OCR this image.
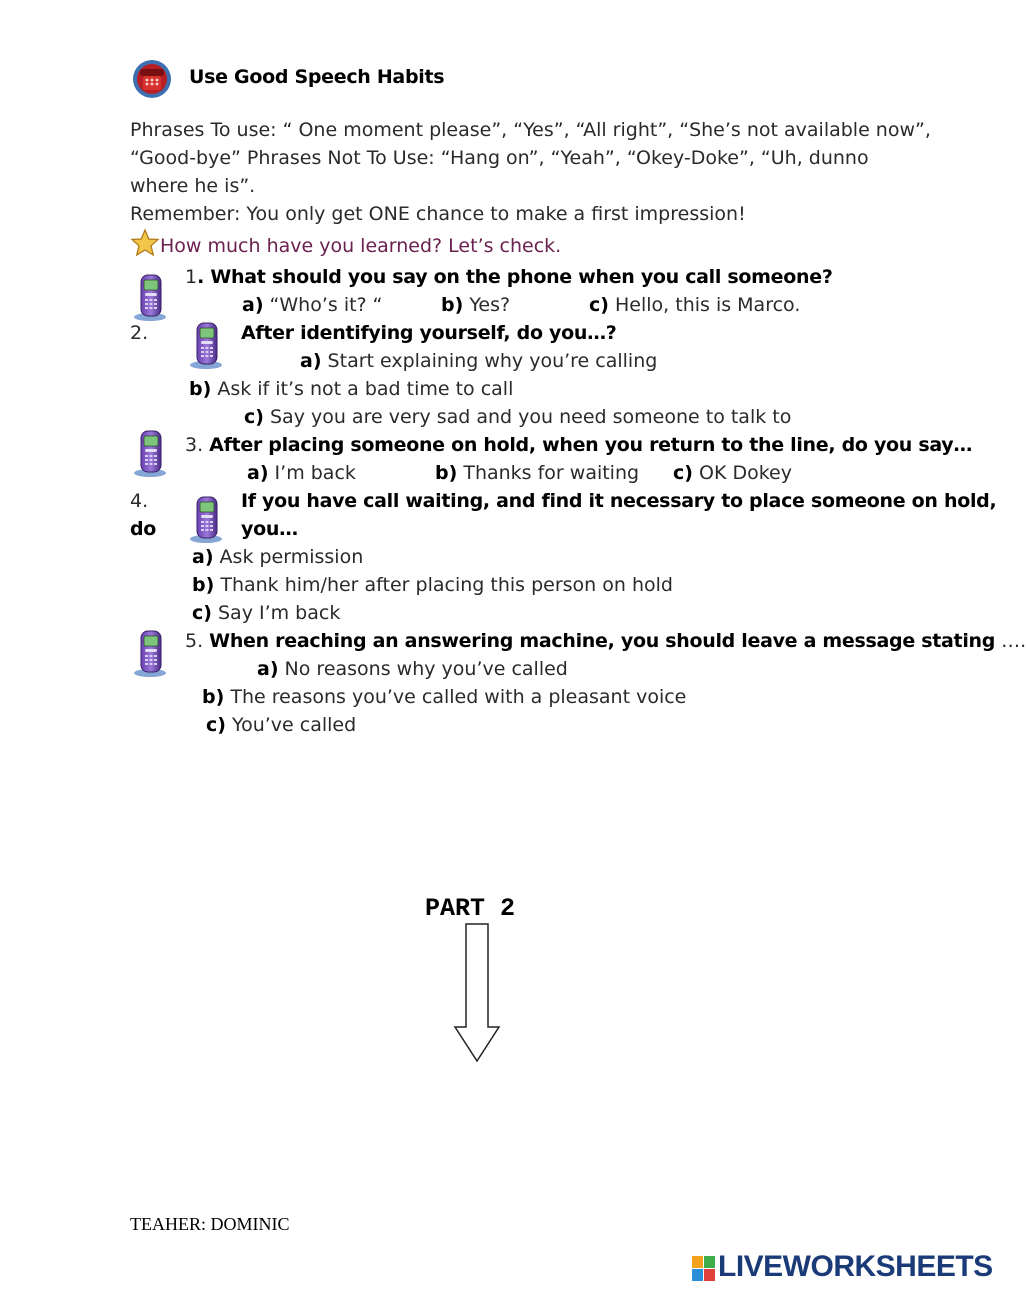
Use Good Speech Habits
Phrases To use: “ One moment please”, “Yes”, “All right”, “She’s not available now”,
“Good-bye” Phrases Not To Use: “Hang on”, “Yeah”, “Okey-Doke”, “Uh, dunno
where he is”.
Remember: You only get ONE chance to make a first impression!
How much have you learned? Let’s check.
1. What should you say on the phone when you call someone?
a) “Who’s it? “	b) Yes?	c) Hello, this is Marco.
2.	After identifying yourself, do you…?
a) Start explaining why you’re calling
b) Ask if it’s not a bad time to call
c) Say you are very sad and you need someone to talk to
3. After placing someone on hold, when you return to the line, do you say…
a) I’m back	b) Thanks for waiting c) OK Dokey
4.
do
If you have call waiting, and find it necessary to place someone on hold,
you…
a) Ask permission
b) Thank him/her after placing this person on hold
c) Say I’m back
5. When reaching an answering machine, you should leave a message stating ….
a) No reasons why you’ve called
b) The reasons you’ve called with a pleasant voice
c) You’ve called
PART 2
TEAHER: DOMINIC
LIVEWORKSHEETS
